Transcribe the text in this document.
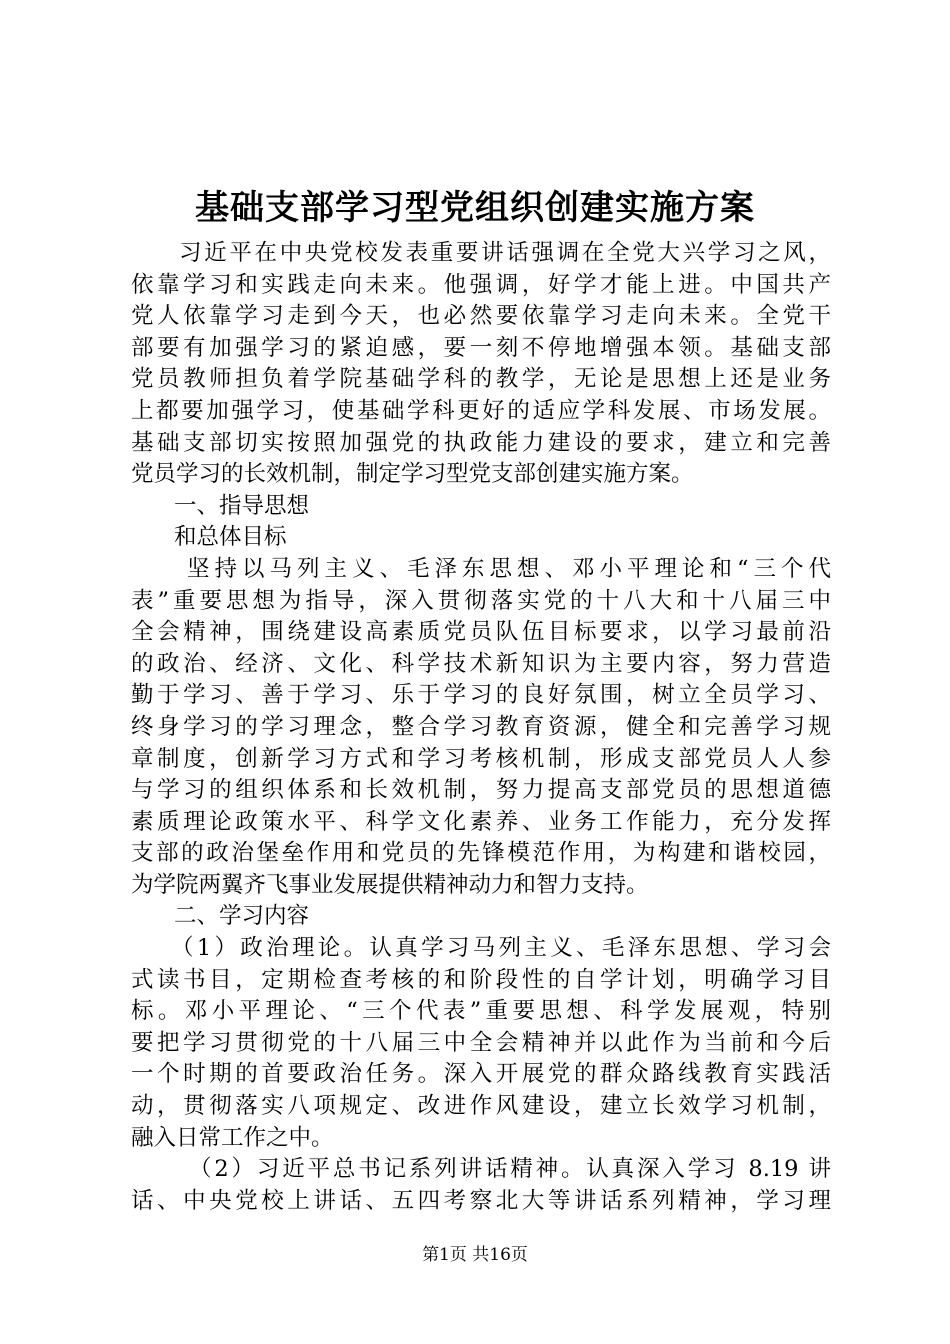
基础支部学习型党组织创建实施方案
习近平在中央党校发表重要讲话强调在全党大兴学习之风，
依靠学习和实践走向未来。他强调，好学才能上进。中国共产
党人依靠学习走到今天，也必然要依靠学习走向未来。全党干
部要有加强学习的紧迫感，要一刻不停地增强本领。基础支部
党员教师担负着学院基础学科的教学，无论是思想上还是业务
上都要加强学习，使基础学科更好的适应学科发展、市场发展。
基础支部切实按照加强党的执政能力建设的要求，建立和完善
党员学习的长效机制，制定学习型党支部创建实施方案。
一、指导思想
和总体目标
坚持以马列主义、毛泽东思想、邓小平理论和“三个代
表”重要思想为指导，深入贯彻落实党的十八大和十八届三中
全会精神，围绕建设高素质党员队伍目标要求，以学习最前沿
的政治、经济、文化、科学技术新知识为主要内容，努力营造
勤于学习、善于学习、乐于学习的良好氛围，树立全员学习、
终身学习的学习理念，整合学习教育资源，健全和完善学习规
章制度，创新学习方式和学习考核机制，形成支部党员人人参
与学习的组织体系和长效机制，努力提高支部党员的思想道德
素质理论政策水平、科学文化素养、业务工作能力，充分发挥
支部的政治堡垒作用和党员的先锋模范作用，为构建和谐校园，
为学院两翼齐飞事业发展提供精神动力和智力支持。
二、学习内容
（1）政治理论。认真学习马列主义、毛泽东思想、学习会
式读书目，定期检查考核的和阶段性的自学计划，明确学习目
标。邓小平理论、“三个代表”重要思想、科学发展观，特别
要把学习贯彻党的十八届三中全会精神并以此作为当前和今后
一个时期的首要政治任务。深入开展党的群众路线教育实践活
动，贯彻落实八项规定、改进作风建设，建立长效学习机制，
融入日常工作之中。
（2）习近平总书记系列讲话精神。认真深入学习 8.19 讲
话、中央党校上讲话、五四考察北大等讲话系列精神，学习理
第1页 共16页
